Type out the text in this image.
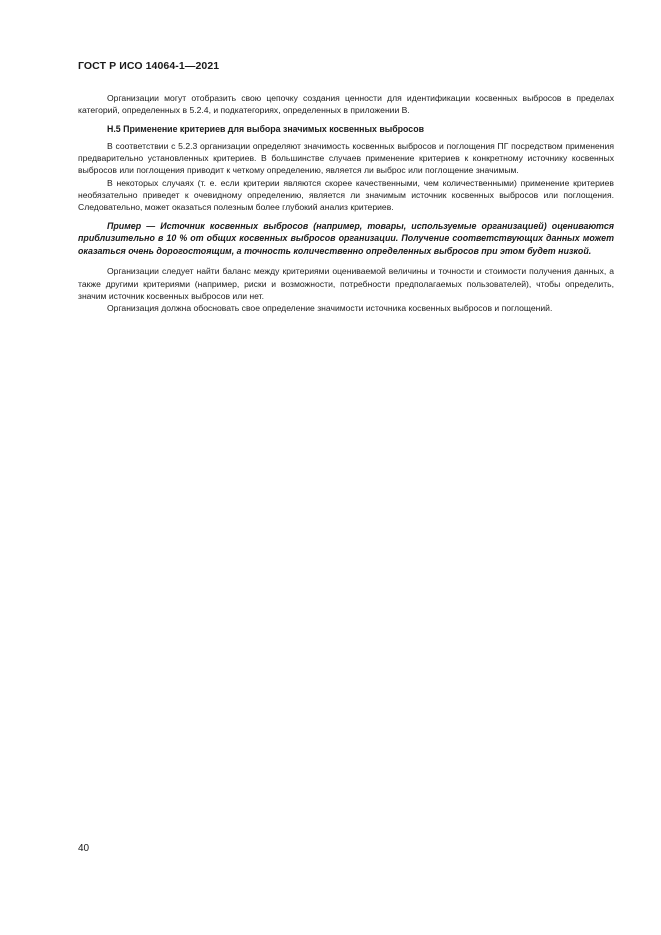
ГОСТ Р ИСО 14064-1—2021

Организации могут отобразить свою цепочку создания ценности для идентификации косвенных выбросов в пределах категорий, определенных в 5.2.4, и подкатегориях, определенных в приложении В.

Н.5 Применение критериев для выбора значимых косвенных выбросов

В соответствии с 5.2.3 организации определяют значимость косвенных выбросов и поглощения ПГ посредством применения предварительно установленных критериев. В большинстве случаев применение критериев к конкретному источнику косвенных выбросов или поглощения приводит к четкому определению, является ли выброс или поглощение значимым.

В некоторых случаях (т. е. если критерии являются скорее качественными, чем количественными) применение критериев необязательно приведет к очевидному определению, является ли значимым источник косвенных выбросов или поглощения. Следовательно, может оказаться полезным более глубокий анализ критериев.

Пример — Источник косвенных выбросов (например, товары, используемые организацией) оцениваются приблизительно в 10 % от общих косвенных выбросов организации. Получение соответствующих данных может оказаться очень дорогостоящим, а точность количественно определенных выбросов при этом будет низкой.

Организации следует найти баланс между критериями оцениваемой величины и точности и стоимости получения данных, а также другими критериями (например, риски и возможности, потребности предполагаемых пользователей), чтобы определить, значим источник косвенных выбросов или нет.

Организация должна обосновать свое определение значимости источника косвенных выбросов и поглощений.

40
